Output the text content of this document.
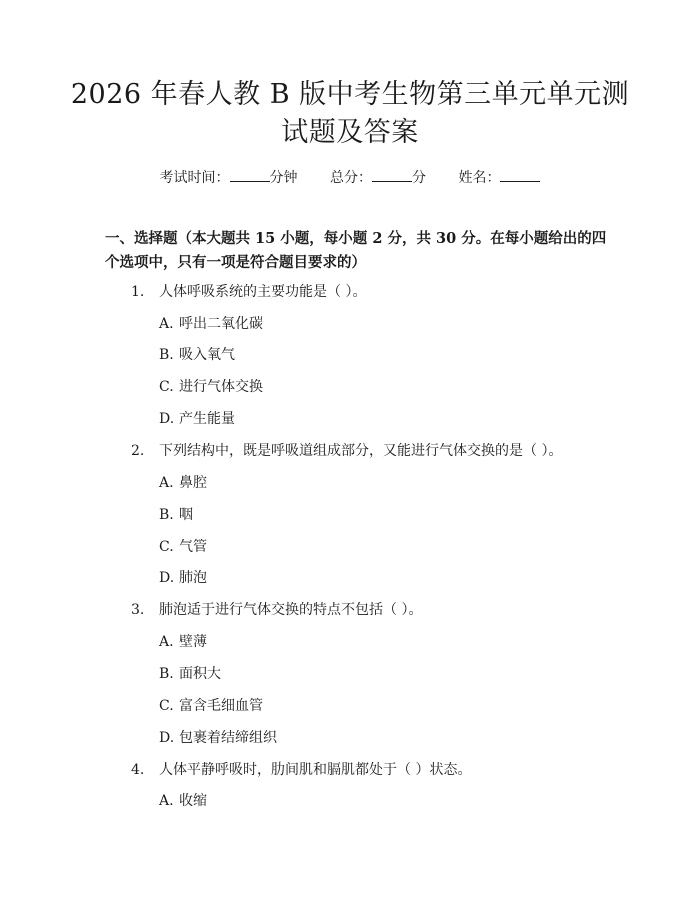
2026 年春人教 B 版中考生物第三单元单元测
试题及答案
考试时间：	分钟 总分：	分 姓名：
一、选择题（本大题共 15 小题，每小题 2 分，共 30 分。在每小题给出的四个选项中，只有一项是符合题目要求的）
1. 人体呼吸系统的主要功能是（ ）。
A. 呼出二氧化碳
B. 吸入氧气
C. 进行气体交换
D. 产生能量
2. 下列结构中，既是呼吸道组成部分，又能进行气体交换的是（ ）。
A. 鼻腔
B. 咽
C. 气管
D. 肺泡
3. 肺泡适于进行气体交换的特点不包括（ ）。
A. 壁薄
B. 面积大
C. 富含毛细血管
D. 包裹着结缔组织
4. 人体平静呼吸时，肋间肌和膈肌都处于（ ）状态。
A. 收缩
